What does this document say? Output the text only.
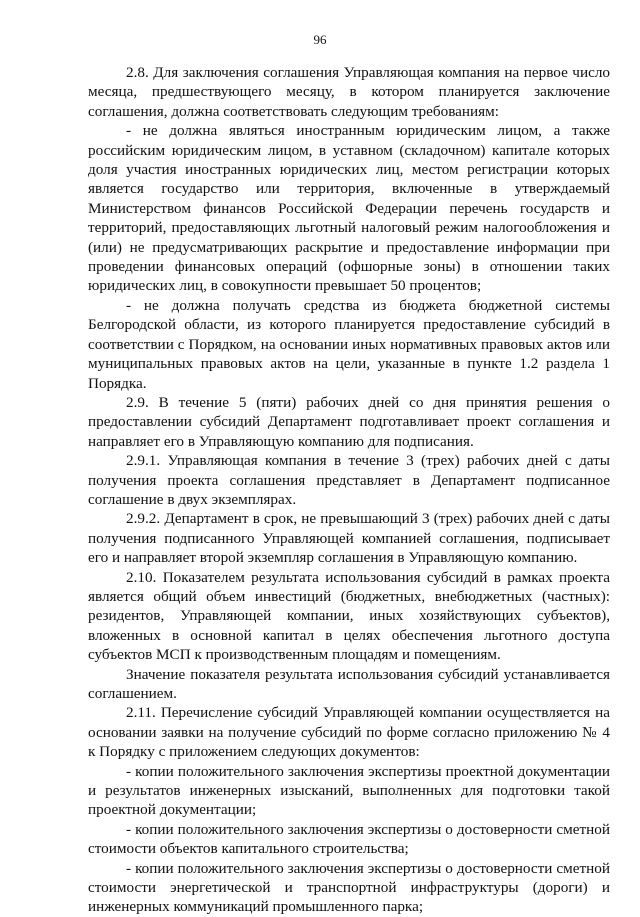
96

2.8. Для заключения соглашения Управляющая компания на первое число месяца, предшествующего месяцу, в котором планируется заключение соглашения, должна соответствовать следующим требованиям:

- не должна являться иностранным юридическим лицом, а также российским юридическим лицом, в уставном (складочном) капитале которых доля участия иностранных юридических лиц, местом регистрации которых является государство или территория, включенные в утверждаемый Министерством финансов Российской Федерации перечень государств и территорий, предоставляющих льготный налоговый режим налогообложения и (или) не предусматривающих раскрытие и предоставление информации при проведении финансовых операций (офшорные зоны) в отношении таких юридических лиц, в совокупности превышает 50 процентов;

- не должна получать средства из бюджета бюджетной системы Белгородской области, из которого планируется предоставление субсидий в соответствии с Порядком, на основании иных нормативных правовых актов или муниципальных правовых актов на цели, указанные в пункте 1.2 раздела 1 Порядка.

2.9. В течение 5 (пяти) рабочих дней со дня принятия решения о предоставлении субсидий Департамент подготавливает проект соглашения и направляет его в Управляющую компанию для подписания.

2.9.1. Управляющая компания в течение 3 (трех) рабочих дней с даты получения проекта соглашения представляет в Департамент подписанное соглашение в двух экземплярах.

2.9.2. Департамент в срок, не превышающий 3 (трех) рабочих дней с даты получения подписанного Управляющей компанией соглашения, подписывает его и направляет второй экземпляр соглашения в Управляющую компанию.

2.10. Показателем результата использования субсидий в рамках проекта является общий объем инвестиций (бюджетных, внебюджетных (частных): резидентов, Управляющей компании, иных хозяйствующих субъектов), вложенных в основной капитал в целях обеспечения льготного доступа субъектов МСП к производственным площадям и помещениям.

Значение показателя результата использования субсидий устанавливается соглашением.

2.11. Перечисление субсидий Управляющей компании осуществляется на основании заявки на получение субсидий по форме согласно приложению № 4 к Порядку с приложением следующих документов:

- копии положительного заключения экспертизы проектной документации и результатов инженерных изысканий, выполненных для подготовки такой проектной документации;

- копии положительного заключения экспертизы о достоверности сметной стоимости объектов капитального строительства;

- копии положительного заключения экспертизы о достоверности сметной стоимости энергетической и транспортной инфраструктуры (дороги) и инженерных коммуникаций промышленного парка;
